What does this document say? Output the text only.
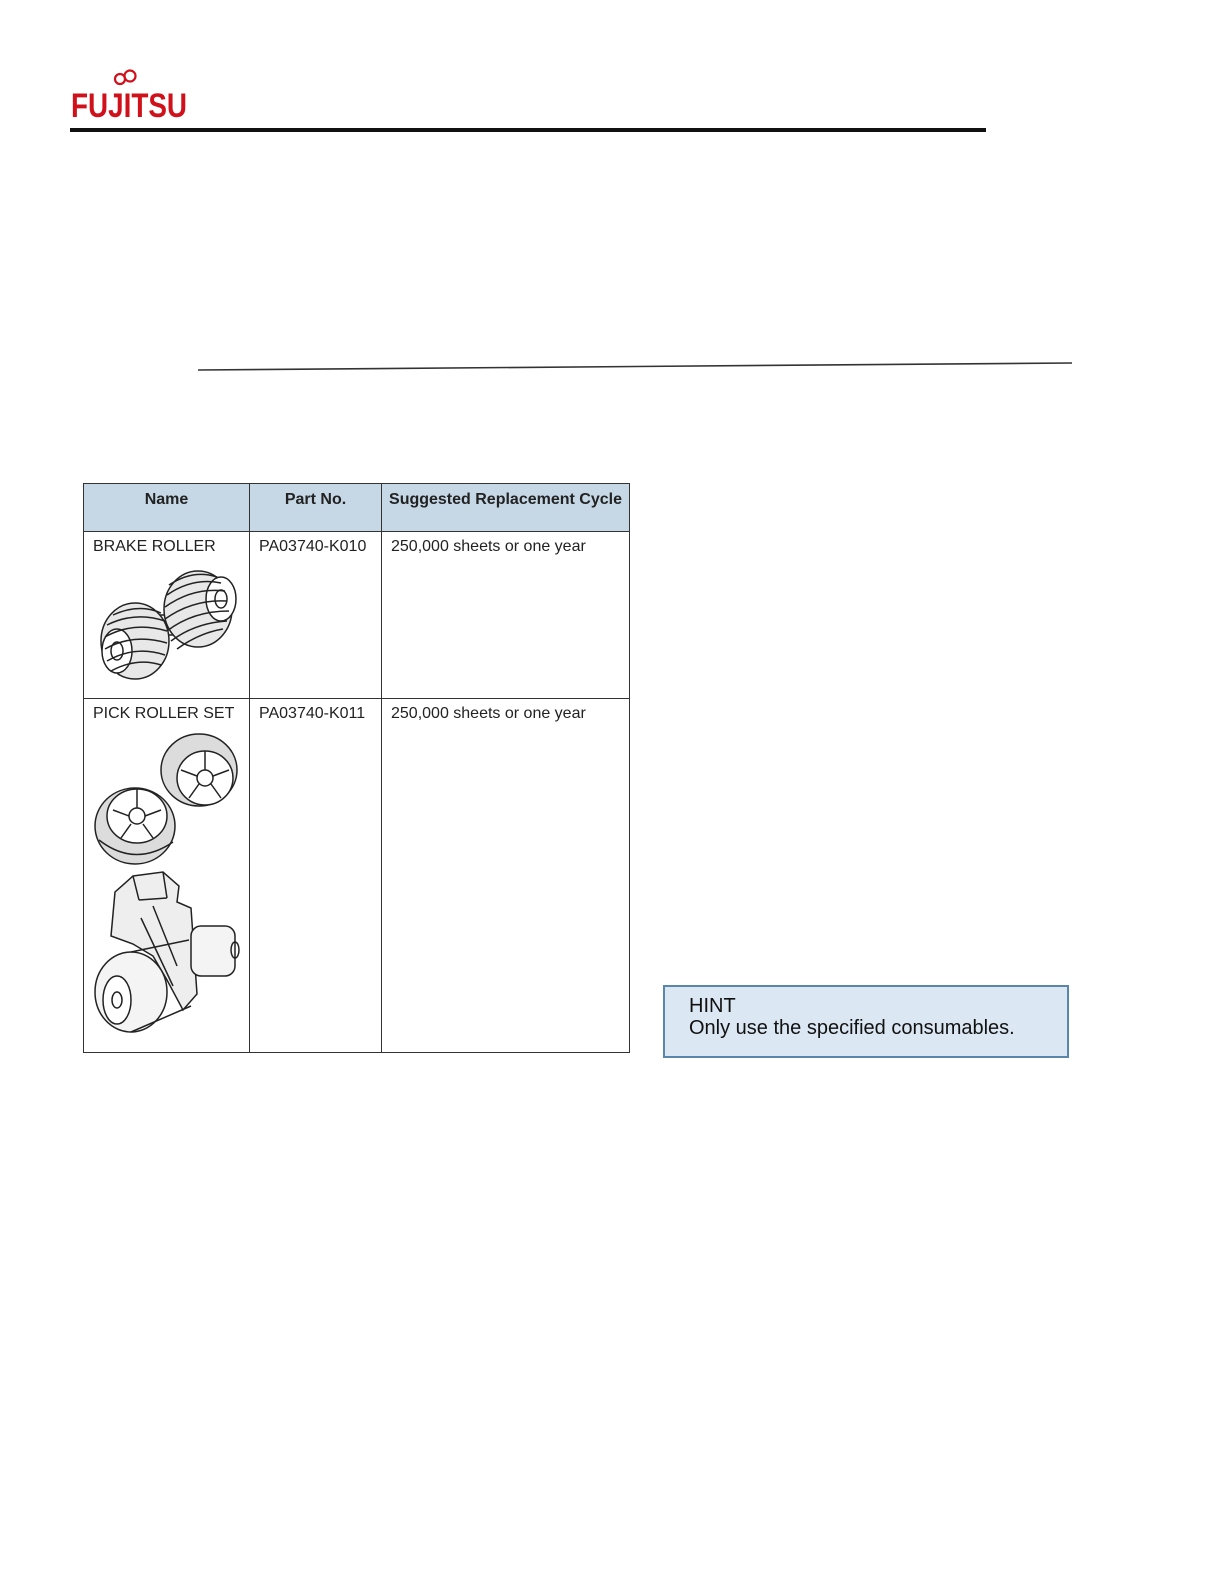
FUJITSU
Name	Part No.	Suggested Replacement Cycle
BRAKE ROLLER	PA03740-K010	250,000 sheets or one year
PICK ROLLER SET	PA03740-K011	250,000 sheets or one year
HINT
Only use the specified consumables.
